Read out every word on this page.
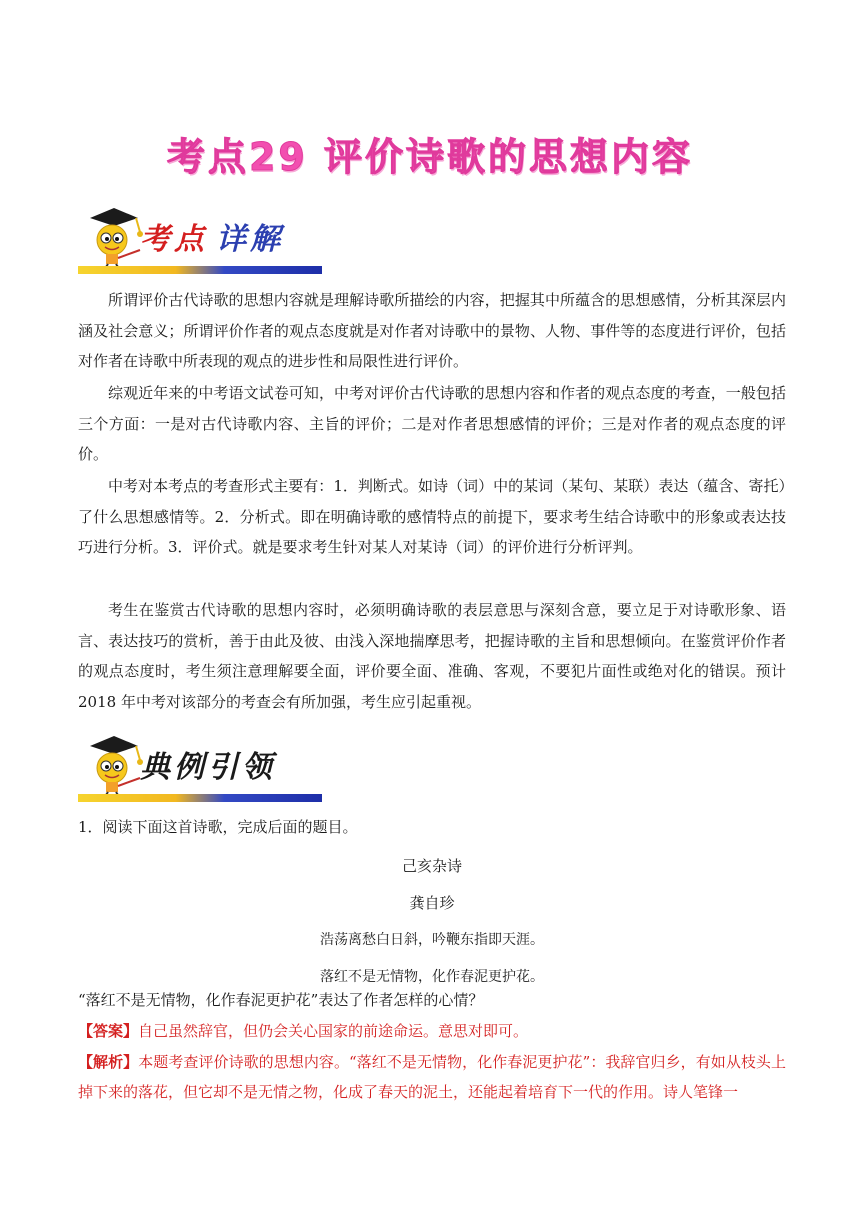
考点29 评价诗歌的思想内容
考点 详解

所谓评价古代诗歌的思想内容就是理解诗歌所描绘的内容，把握其中所蕴含的思想感情，分析其深层内涵及社会意义；所谓评价作者的观点态度就是对作者对诗歌中的景物、人物、事件等的态度进行评价，包括对作者在诗歌中所表现的观点的进步性和局限性进行评价。

综观近年来的中考语文试卷可知，中考对评价古代诗歌的思想内容和作者的观点态度的考查，一般包括三个方面：一是对古代诗歌内容、主旨的评价；二是对作者思想感情的评价；三是对作者的观点态度的评价。

中考对本考点的考查形式主要有：1．判断式。如诗（词）中的某词（某句、某联）表达（蕴含、寄托）了什么思想感情等。2．分析式。即在明确诗歌的感情特点的前提下，要求考生结合诗歌中的形象或表达技巧进行分析。3．评价式。就是要求考生针对某人对某诗（词）的评价进行分析评判。

考生在鉴赏古代诗歌的思想内容时，必须明确诗歌的表层意思与深刻含意，要立足于对诗歌形象、语言、表达技巧的赏析，善于由此及彼、由浅入深地揣摩思考，把握诗歌的主旨和思想倾向。在鉴赏评价作者的观点态度时，考生须注意理解要全面，评价要全面、准确、客观，不要犯片面性或绝对化的错误。预计 2018 年中考对该部分的考查会有所加强，考生应引起重视。

典例引领

1．阅读下面这首诗歌，完成后面的题目。

己亥杂诗

龚自珍

浩荡离愁白日斜，吟鞭东指即天涯。

落红不是无情物，化作春泥更护花。

“落红不是无情物，化作春泥更护花”表达了作者怎样的心情？

【答案】自己虽然辞官，但仍会关心国家的前途命运。意思对即可。

【解析】本题考查评价诗歌的思想内容。“落红不是无情物，化作春泥更护花”：我辞官归乡，有如从枝头上掉下来的落花，但它却不是无情之物，化成了春天的泥土，还能起着培育下一代的作用。诗人笔锋一
